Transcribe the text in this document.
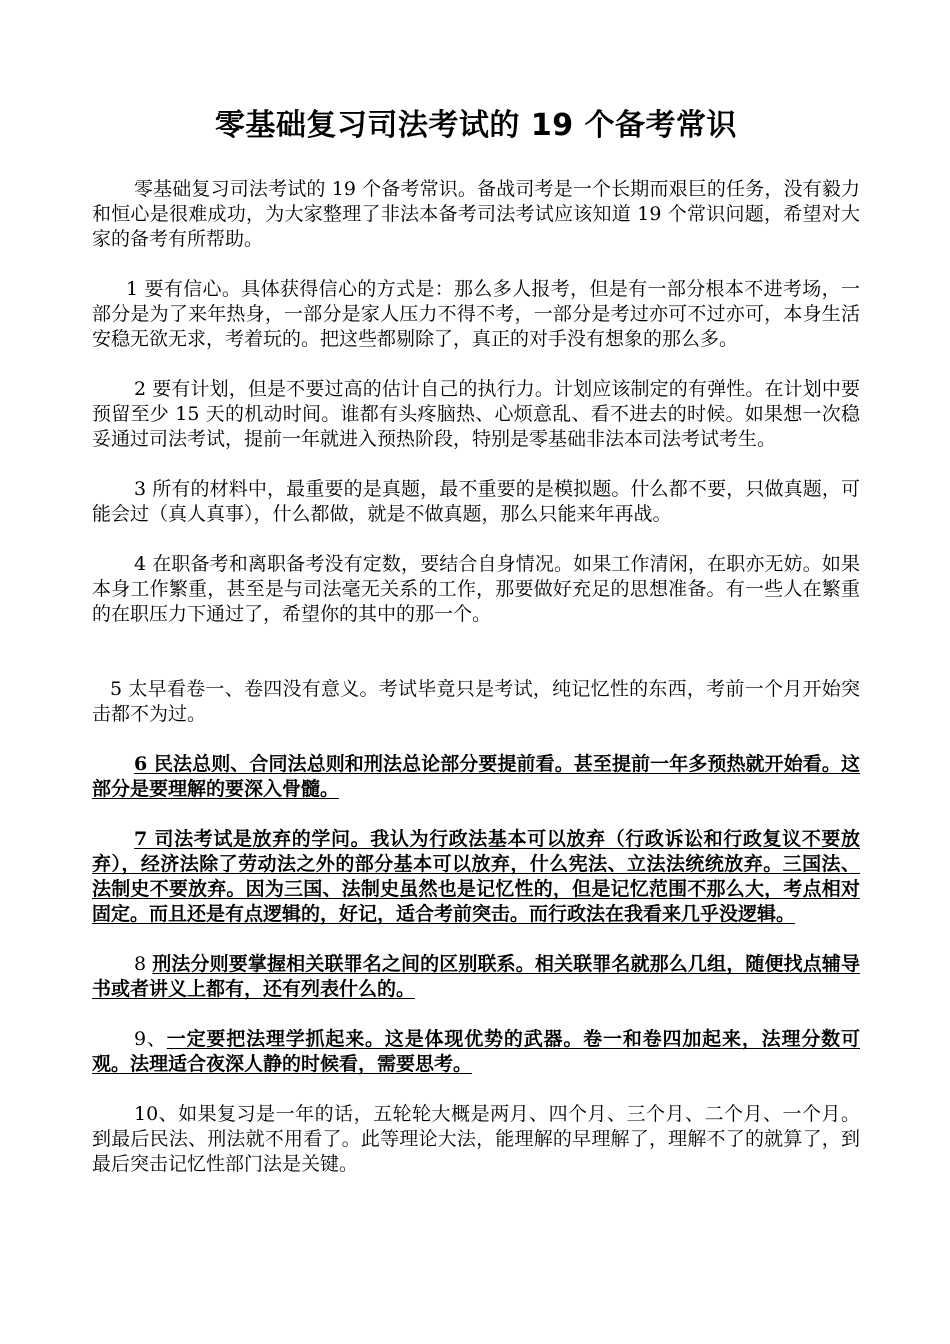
零基础复习司法考试的 19 个备考常识

零基础复习司法考试的 19 个备考常识。备战司考是一个长期而艰巨的任务，没有毅力和恒心是很难成功，为大家整理了非法本备考司法考试应该知道 19 个常识问题，希望对大家的备考有所帮助。

1 要有信心。具体获得信心的方式是：那么多人报考，但是有一部分根本不进考场，一部分是为了来年热身，一部分是家人压力不得不考，一部分是考过亦可不过亦可，本身生活安稳无欲无求，考着玩的。把这些都剔除了，真正的对手没有想象的那么多。

2 要有计划，但是不要过高的估计自己的执行力。计划应该制定的有弹性。在计划中要预留至少 15 天的机动时间。谁都有头疼脑热、心烦意乱、看不进去的时候。如果想一次稳妥通过司法考试，提前一年就进入预热阶段，特别是零基础非法本司法考试考生。

3 所有的材料中，最重要的是真题，最不重要的是模拟题。什么都不要，只做真题，可能会过（真人真事），什么都做，就是不做真题，那么只能来年再战。

4 在职备考和离职备考没有定数，要结合自身情况。如果工作清闲，在职亦无妨。如果本身工作繁重，甚至是与司法毫无关系的工作，那要做好充足的思想准备。有一些人在繁重的在职压力下通过了，希望你的其中的那一个。

5 太早看卷一、卷四没有意义。考试毕竟只是考试，纯记忆性的东西，考前一个月开始突击都不为过。

6 民法总则、合同法总则和刑法总论部分要提前看。甚至提前一年多预热就开始看。这部分是要理解的要深入骨髓。

7 司法考试是放弃的学问。我认为行政法基本可以放弃（行政诉讼和行政复议不要放弃），经济法除了劳动法之外的部分基本可以放弃，什么宪法、立法法统统放弃。三国法、法制史不要放弃。因为三国、法制史虽然也是记忆性的，但是记忆范围不那么大，考点相对固定。而且还是有点逻辑的，好记，适合考前突击。而行政法在我看来几乎没逻辑。

8 刑法分则要掌握相关联罪名之间的区别联系。相关联罪名就那么几组，随便找点辅导书或者讲义上都有，还有列表什么的。

9、一定要把法理学抓起来。这是体现优势的武器。卷一和卷四加起来，法理分数可观。法理适合夜深人静的时候看，需要思考。

10、如果复习是一年的话，五轮轮大概是两月、四个月、三个月、二个月、一个月。到最后民法、刑法就不用看了。此等理论大法，能理解的早理解了，理解不了的就算了，到最后突击记忆性部门法是关键。
